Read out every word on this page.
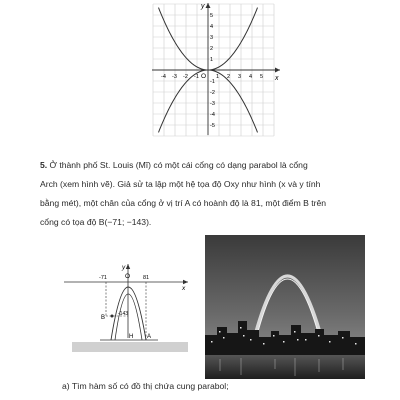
x
y
O
-4 -3 -2 -1	1 2 3 4 5
5
4
3
2
1
-1
-2
-3
-4
-5

5. Ở thành phố St. Louis (Mĩ) có một cái cổng có dạng parabol là cổng

Arch (xem hình vẽ). Giả sử ta lập một hệ tọa độ Oxy như hình (x và y tính

bằng mét), một chân của cổng ở vị trí A có hoành độ là 81, một điểm B trên

cổng có tọa độ B(−71; −143).

y
x
O
-71	81
-143
B
H A
a) Tìm hàm số có đồ thị chứa cung parabol;
